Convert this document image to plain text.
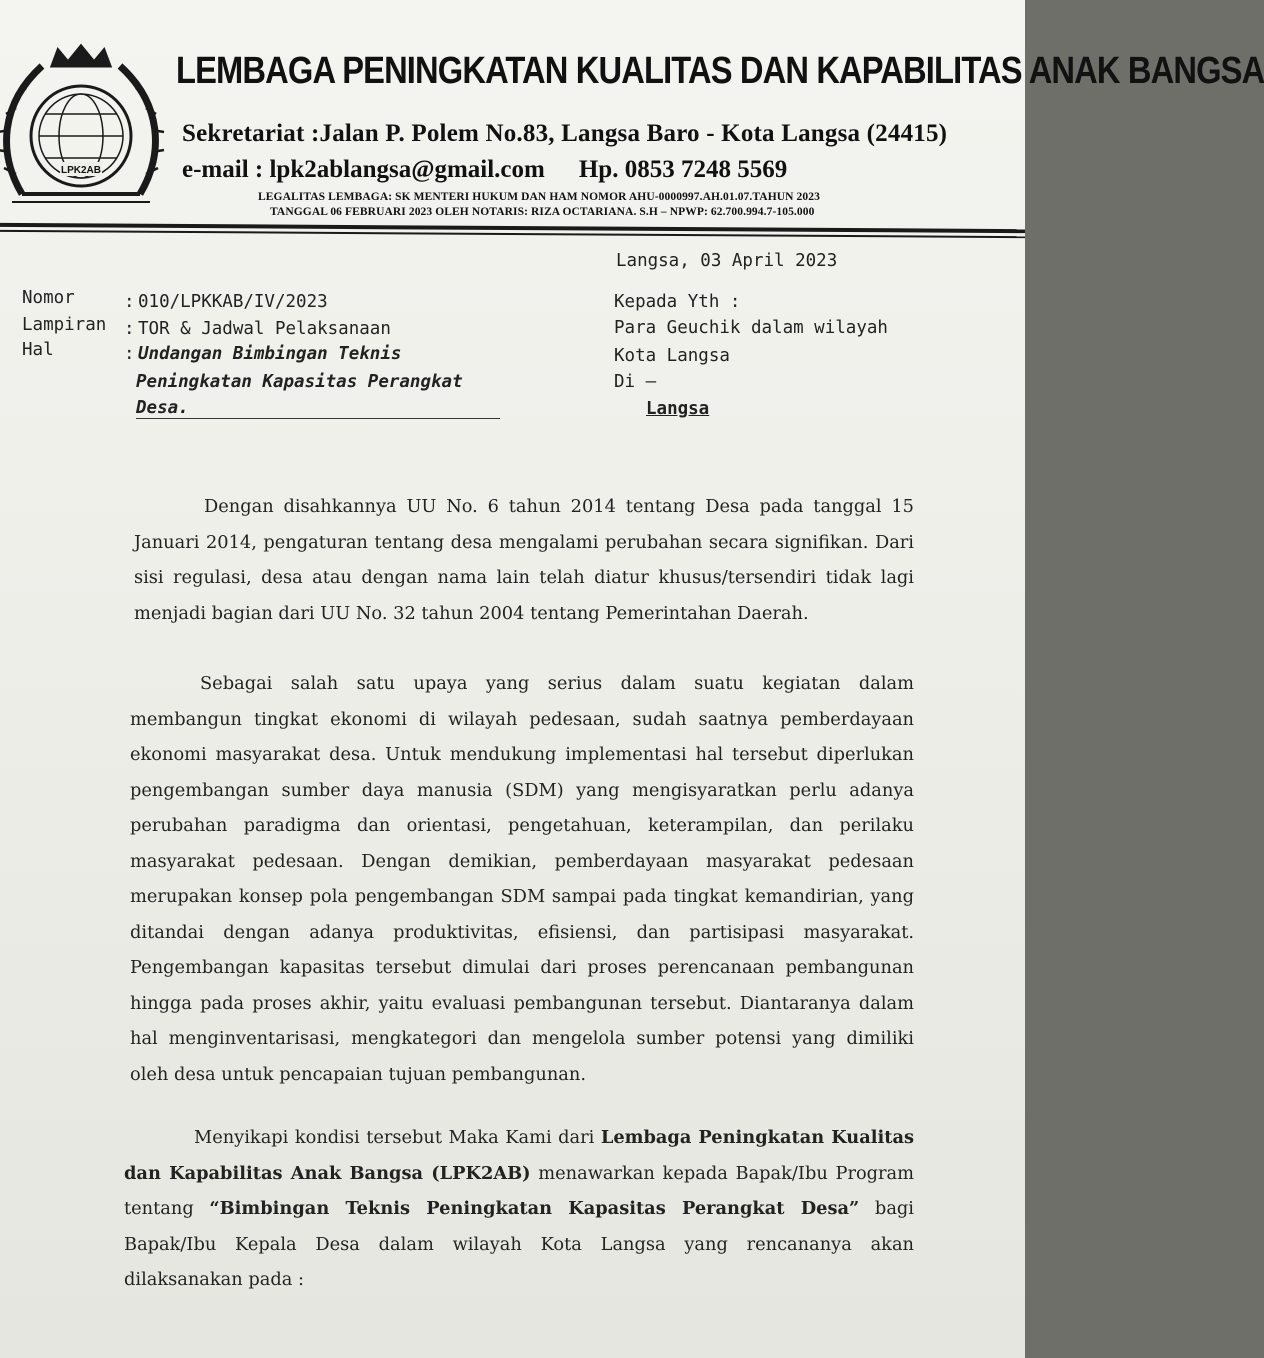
LPK2AB
LEMBAGA PENINGKATAN KUALITAS DAN KAPABILITAS ANAK BANGSA
Sekretariat :Jalan P. Polem No.83, Langsa Baro - Kota Langsa (24415)
e-mail : lpk2ablangsa@gmail.com Hp. 0853 7248 5569
LEGALITAS LEMBAGA: SK MENTERI HUKUM DAN HAM NOMOR AHU-0000997.AH.01.07.TAHUN 2023
TANGGAL 06 FEBRUARI 2023 OLEH NOTARIS: RIZA OCTARIANA. S.H – NPWP: 62.700.994.7-105.000
Langsa, 03 April 2023
Nomor	: 010/LPKKAB/IV/2023
Lampiran : TOR & Jadwal Pelaksanaan
Hal	: Undangan Bimbingan Teknis
Peningkatan Kapasitas Perangkat
Desa.
Kepada Yth :
Para Geuchik dalam wilayah
Kota Langsa
Di –
Langsa

Dengan disahkannya UU No. 6 tahun 2014 tentang Desa pada tanggal 15 Januari 2014, pengaturan tentang desa mengalami perubahan secara signifikan. Dari sisi regulasi, desa atau dengan nama lain telah diatur khusus/tersendiri tidak lagi menjadi bagian dari UU No. 32 tahun 2004 tentang Pemerintahan Daerah.

Sebagai salah satu upaya yang serius dalam suatu kegiatan dalam membangun tingkat ekonomi di wilayah pedesaan, sudah saatnya pemberdayaan ekonomi masyarakat desa. Untuk mendukung implementasi hal tersebut diperlukan pengembangan sumber daya manusia (SDM) yang mengisyaratkan perlu adanya perubahan paradigma dan orientasi, pengetahuan, keterampilan, dan perilaku masyarakat pedesaan. Dengan demikian, pemberdayaan masyarakat pedesaan merupakan konsep pola pengembangan SDM sampai pada tingkat kemandirian, yang ditandai dengan adanya produktivitas, efisiensi, dan partisipasi masyarakat. Pengembangan kapasitas tersebut dimulai dari proses perencanaan pembangunan hingga pada proses akhir, yaitu evaluasi pembangunan tersebut. Diantaranya dalam hal menginventarisasi, mengkategori dan mengelola sumber potensi yang dimiliki oleh desa untuk pencapaian tujuan pembangunan.

Menyikapi kondisi tersebut Maka Kami dari Lembaga Peningkatan Kualitas dan Kapabilitas Anak Bangsa (LPK2AB) menawarkan kepada Bapak/Ibu Program tentang “Bimbingan Teknis Peningkatan Kapasitas Perangkat Desa” bagi Bapak/Ibu Kepala Desa dalam wilayah Kota Langsa yang rencananya akan dilaksanakan pada :
